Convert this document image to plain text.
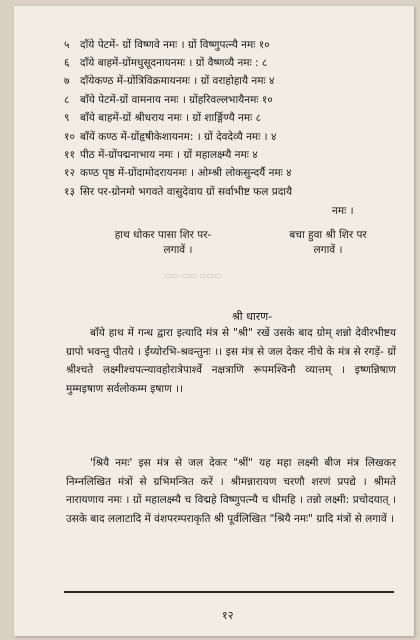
५ दाँये पेटमें- ग्रों विष्णवे नमः । ग्रों विष्णुपत्न्यै नमः १०
६ दाँये बाहमें-ग्रोंमधुसूदनायनमः । ग्रों वैष्णव्यै नमः : ८
७ दाँयेकण्ठ में-ग्रोंत्रिविक्रमायनमः । ग्रों वराहोहायै नमः ४
८ बाँये पेटमें-ग्रों वामनाय नमः । ग्रोंहरिवल्लभायैनमः १०
९ बाँये बाहमें-ग्रों श्रीधराय नमः । ग्रों शार्ङ्गिण्यै नमः ८
१० बाँयें कण्ठ में-ग्रोंहृषीकेशायनम: । ग्रों देवदेव्यै नमः । ४
११ पीठ में-ग्रोंपद्मनाभाय नमः । ग्रों महालक्ष्म्यै नमः ४
१२ कण्ठ पृष्ठ में-ग्रोंदामोदरायनमः । ओम्श्री लोकसुन्दर्यै नमः ४
१३ सिर पर-ग्रोनमो भगवते वासुदेवाय ग्रों सर्वाभीष्ट फल प्रदायै
नमः ।
हाथ धोकर पासा शिर पर-
लगावें ।
बचा हुवा श्री शिर पर
लगावें ।
▭▭ ▭▭ ▭▭▭
श्री धारण-
बाँये हाथ में गन्ध द्वारा इत्यादि मंत्र से "श्री" रखें उसके बाद ग्रोम् शन्नो देवीरभीष्टय ग्रापो भवन्तु पीतये । ईंय्योरभि-श्रवन्तुनः ।। इस मंत्र से जल देकर नीचे के मंत्र से रगड़ें- ग्रों श्रीश्चते लक्ष्मीश्चपत्न्यावहोरात्रेपार्श्वे नक्षत्राणि रूपमश्विनौ व्यात्तम् । इष्णन्निषाण मुम्मइषाण सर्वलोकम्म इषाण ।।
'श्रियै नमः' इस मंत्र से जल देकर "श्रीं" यह महा लक्ष्मी बीज मंत्र लिखकर निम्नलिखित मंत्रों से ग्रभिमन्त्रित करें । श्रीमन्नारायण चरणौ शरणं प्रपद्ये । श्रीमते नारायणाय नमः । ग्रों महालक्ष्म्यै च विद्महे विष्णुपत्न्यै च धीमहि । तन्नो लक्ष्मी: प्रचोदयात् । उसके बाद ललाटादि में वंशपरम्पराकृति श्री पूर्वलिखित "श्रियै नमः" ग्रादि मंत्रों से लगावें ।
१२
